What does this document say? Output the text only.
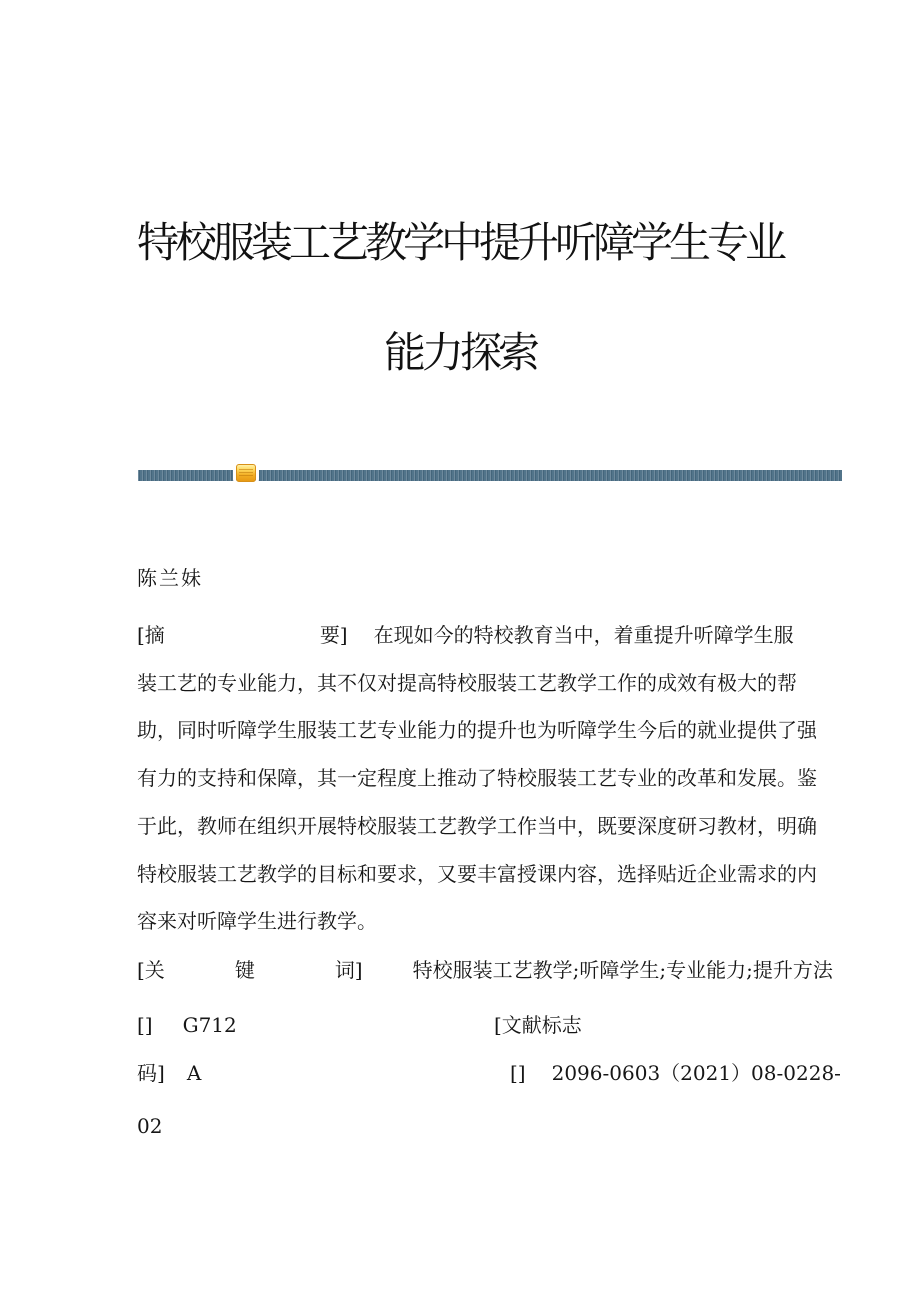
特校服装工艺教学中提升听障学生专业
能力探索
陈兰妹
[摘	要] 在现如今的特校教育当中，着重提升听障学生服
装工艺的专业能力，其不仅对提高特校服装工艺教学工作的成效有极大的帮
助，同时听障学生服装工艺专业能力的提升也为听障学生今后的就业提供了强
有力的支持和保障，其一定程度上推动了特校服装工艺专业的改革和发展。鉴
于此，教师在组织开展特校服装工艺教学工作当中，既要深度研习教材，明确
特校服装工艺教学的目标和要求，又要丰富授课内容，选择贴近企业需求的内
容来对听障学生进行教学。
[关	键	词]	特校服装工艺教学;听障学生;专业能力;提升方法
[] G712	[文献标志
码] A	[] 2096-0603（2021）08-0228-
02
